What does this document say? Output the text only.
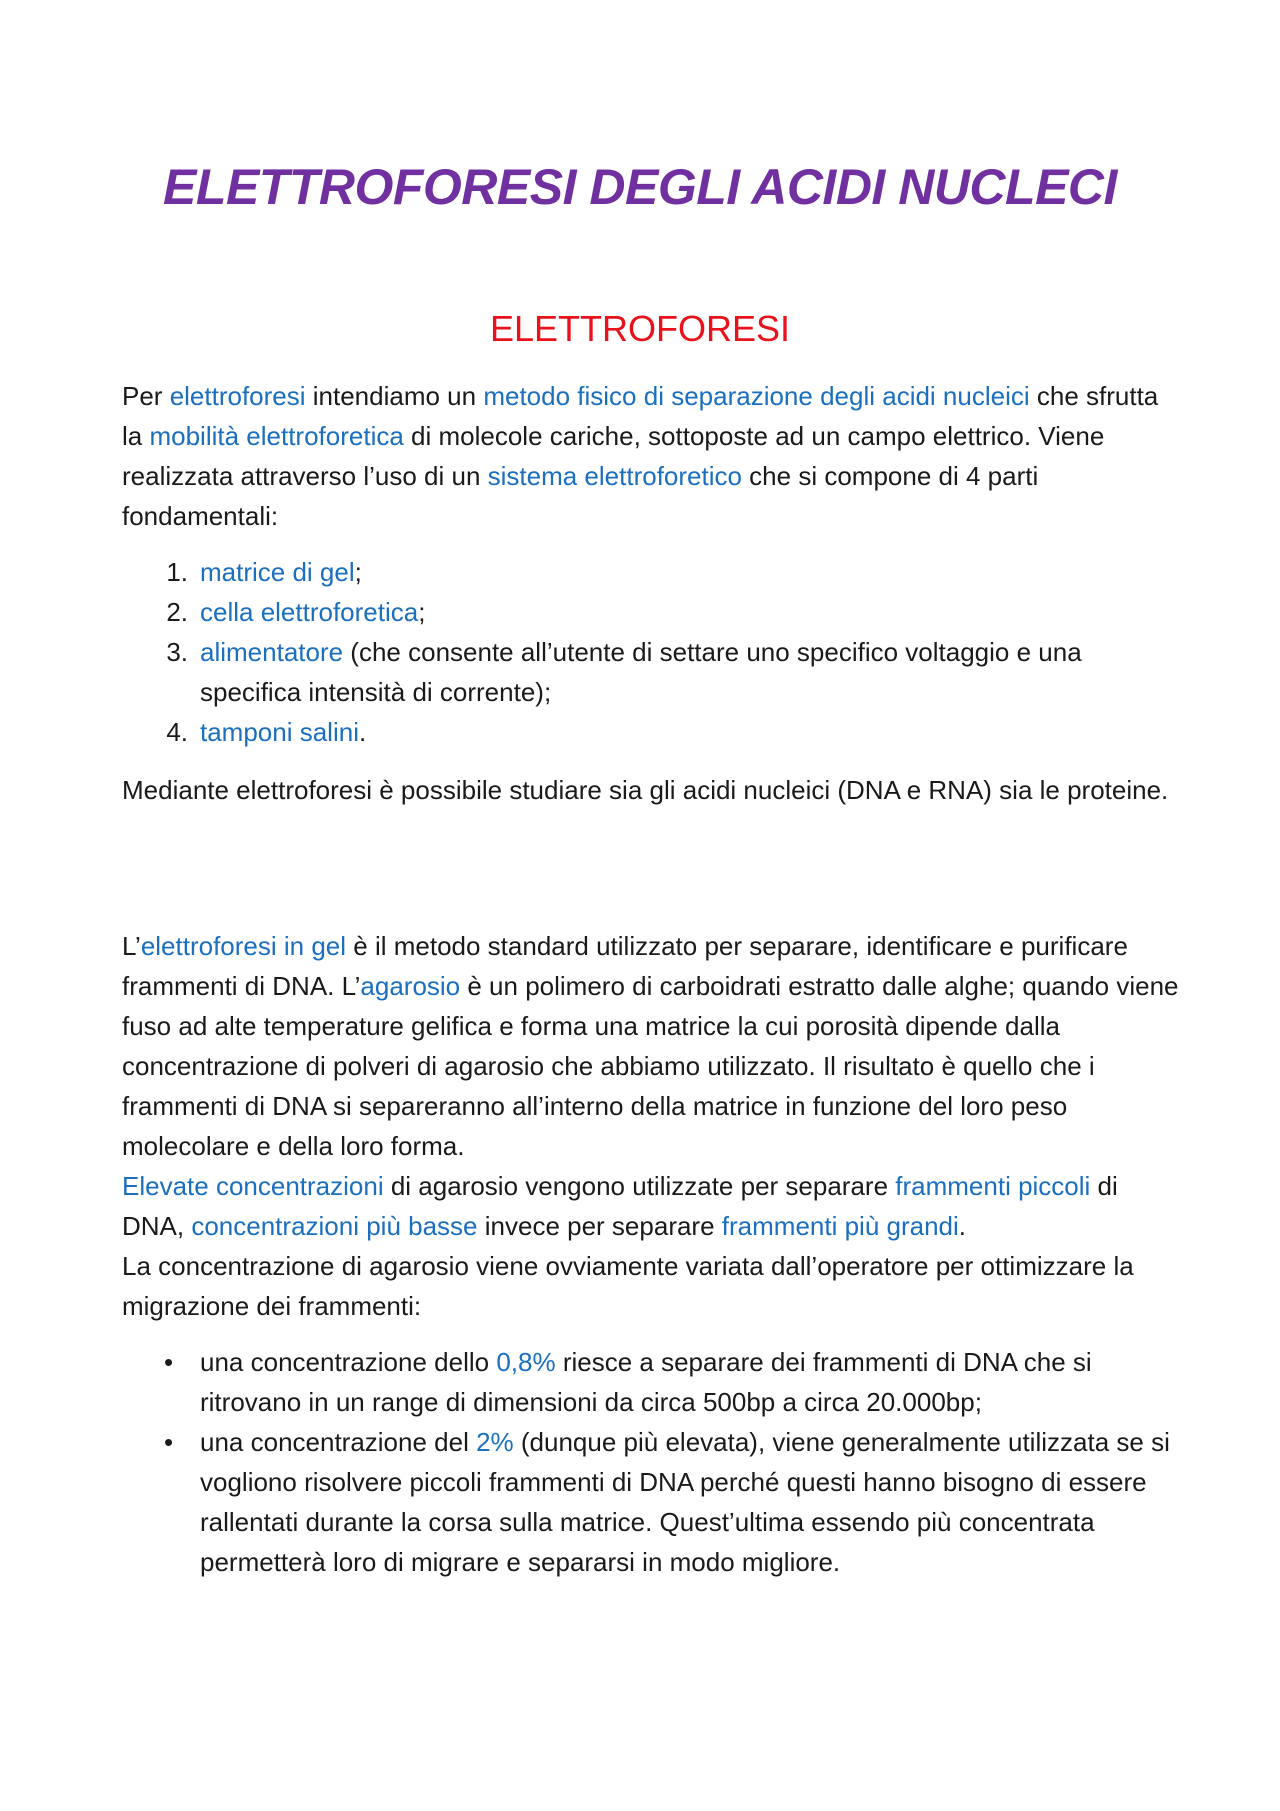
ELETTROFORESI DEGLI ACIDI NUCLECI
ELETTROFORESI

Per elettroforesi intendiamo un metodo fisico di separazione degli acidi nucleici che sfrutta la mobilità elettroforetica di molecole cariche, sottoposte ad un campo elettrico. Viene realizzata attraverso l’uso di un sistema elettroforetico che si compone di 4 parti fondamentali:

1. matrice di gel;
2. cella elettroforetica;
3. alimentatore (che consente all’utente di settare uno specifico voltaggio e una specifica intensità di corrente);
4. tamponi salini.

Mediante elettroforesi è possibile studiare sia gli acidi nucleici (DNA e RNA) sia le proteine.

L’elettroforesi in gel è il metodo standard utilizzato per separare, identificare e purificare frammenti di DNA. L’agarosio è un polimero di carboidrati estratto dalle alghe; quando viene fuso ad alte temperature gelifica e forma una matrice la cui porosità dipende dalla concentrazione di polveri di agarosio che abbiamo utilizzato. Il risultato è quello che i frammenti di DNA si separeranno all’interno della matrice in funzione del loro peso molecolare e della loro forma.

Elevate concentrazioni di agarosio vengono utilizzate per separare frammenti piccoli di DNA, concentrazioni più basse invece per separare frammenti più grandi.

La concentrazione di agarosio viene ovviamente variata dall’operatore per ottimizzare la migrazione dei frammenti:

• una concentrazione dello 0,8% riesce a separare dei frammenti di DNA che si ritrovano in un range di dimensioni da circa 500bp a circa 20.000bp;
• una concentrazione del 2% (dunque più elevata), viene generalmente utilizzata se si vogliono risolvere piccoli frammenti di DNA perché questi hanno bisogno di essere rallentati durante la corsa sulla matrice. Quest’ultima essendo più concentrata permetterà loro di migrare e separarsi in modo migliore.
